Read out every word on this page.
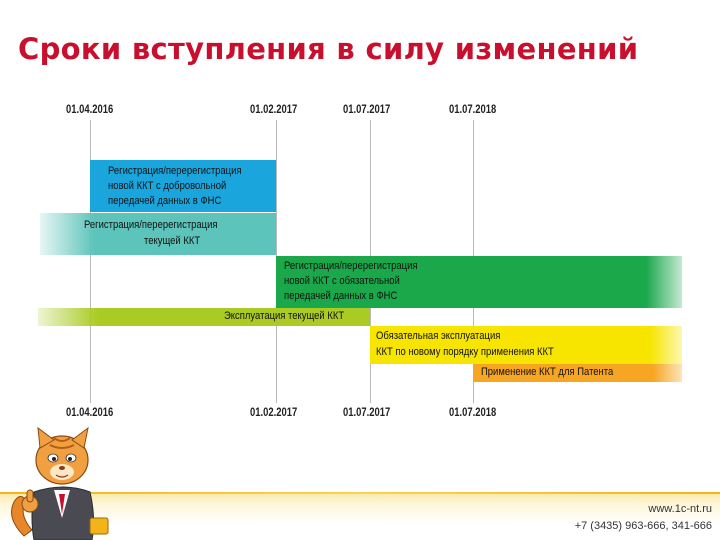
Сроки вступления в силу изменений
01.04.2016	01.02.2017	01.07.2017	01.07.2018
Регистрация/перерегистрация
новой ККТ с добровольной
передачей данных в ФНС
Регистрация/перерегистрация
текущей ККТ
Регистрация/перерегистрация
новой ККТ с обязательной
передачей данных в ФНС
Эксплуатация текущей ККТ
Обязательная эксплуатация
ККТ по новому порядку применения ККТ
Применение ККТ для Патента
01.04.2016	01.02.2017	01.07.2017	01.07.2018
www.1c-nt.ru
+7 (3435) 963-666, 341-666
